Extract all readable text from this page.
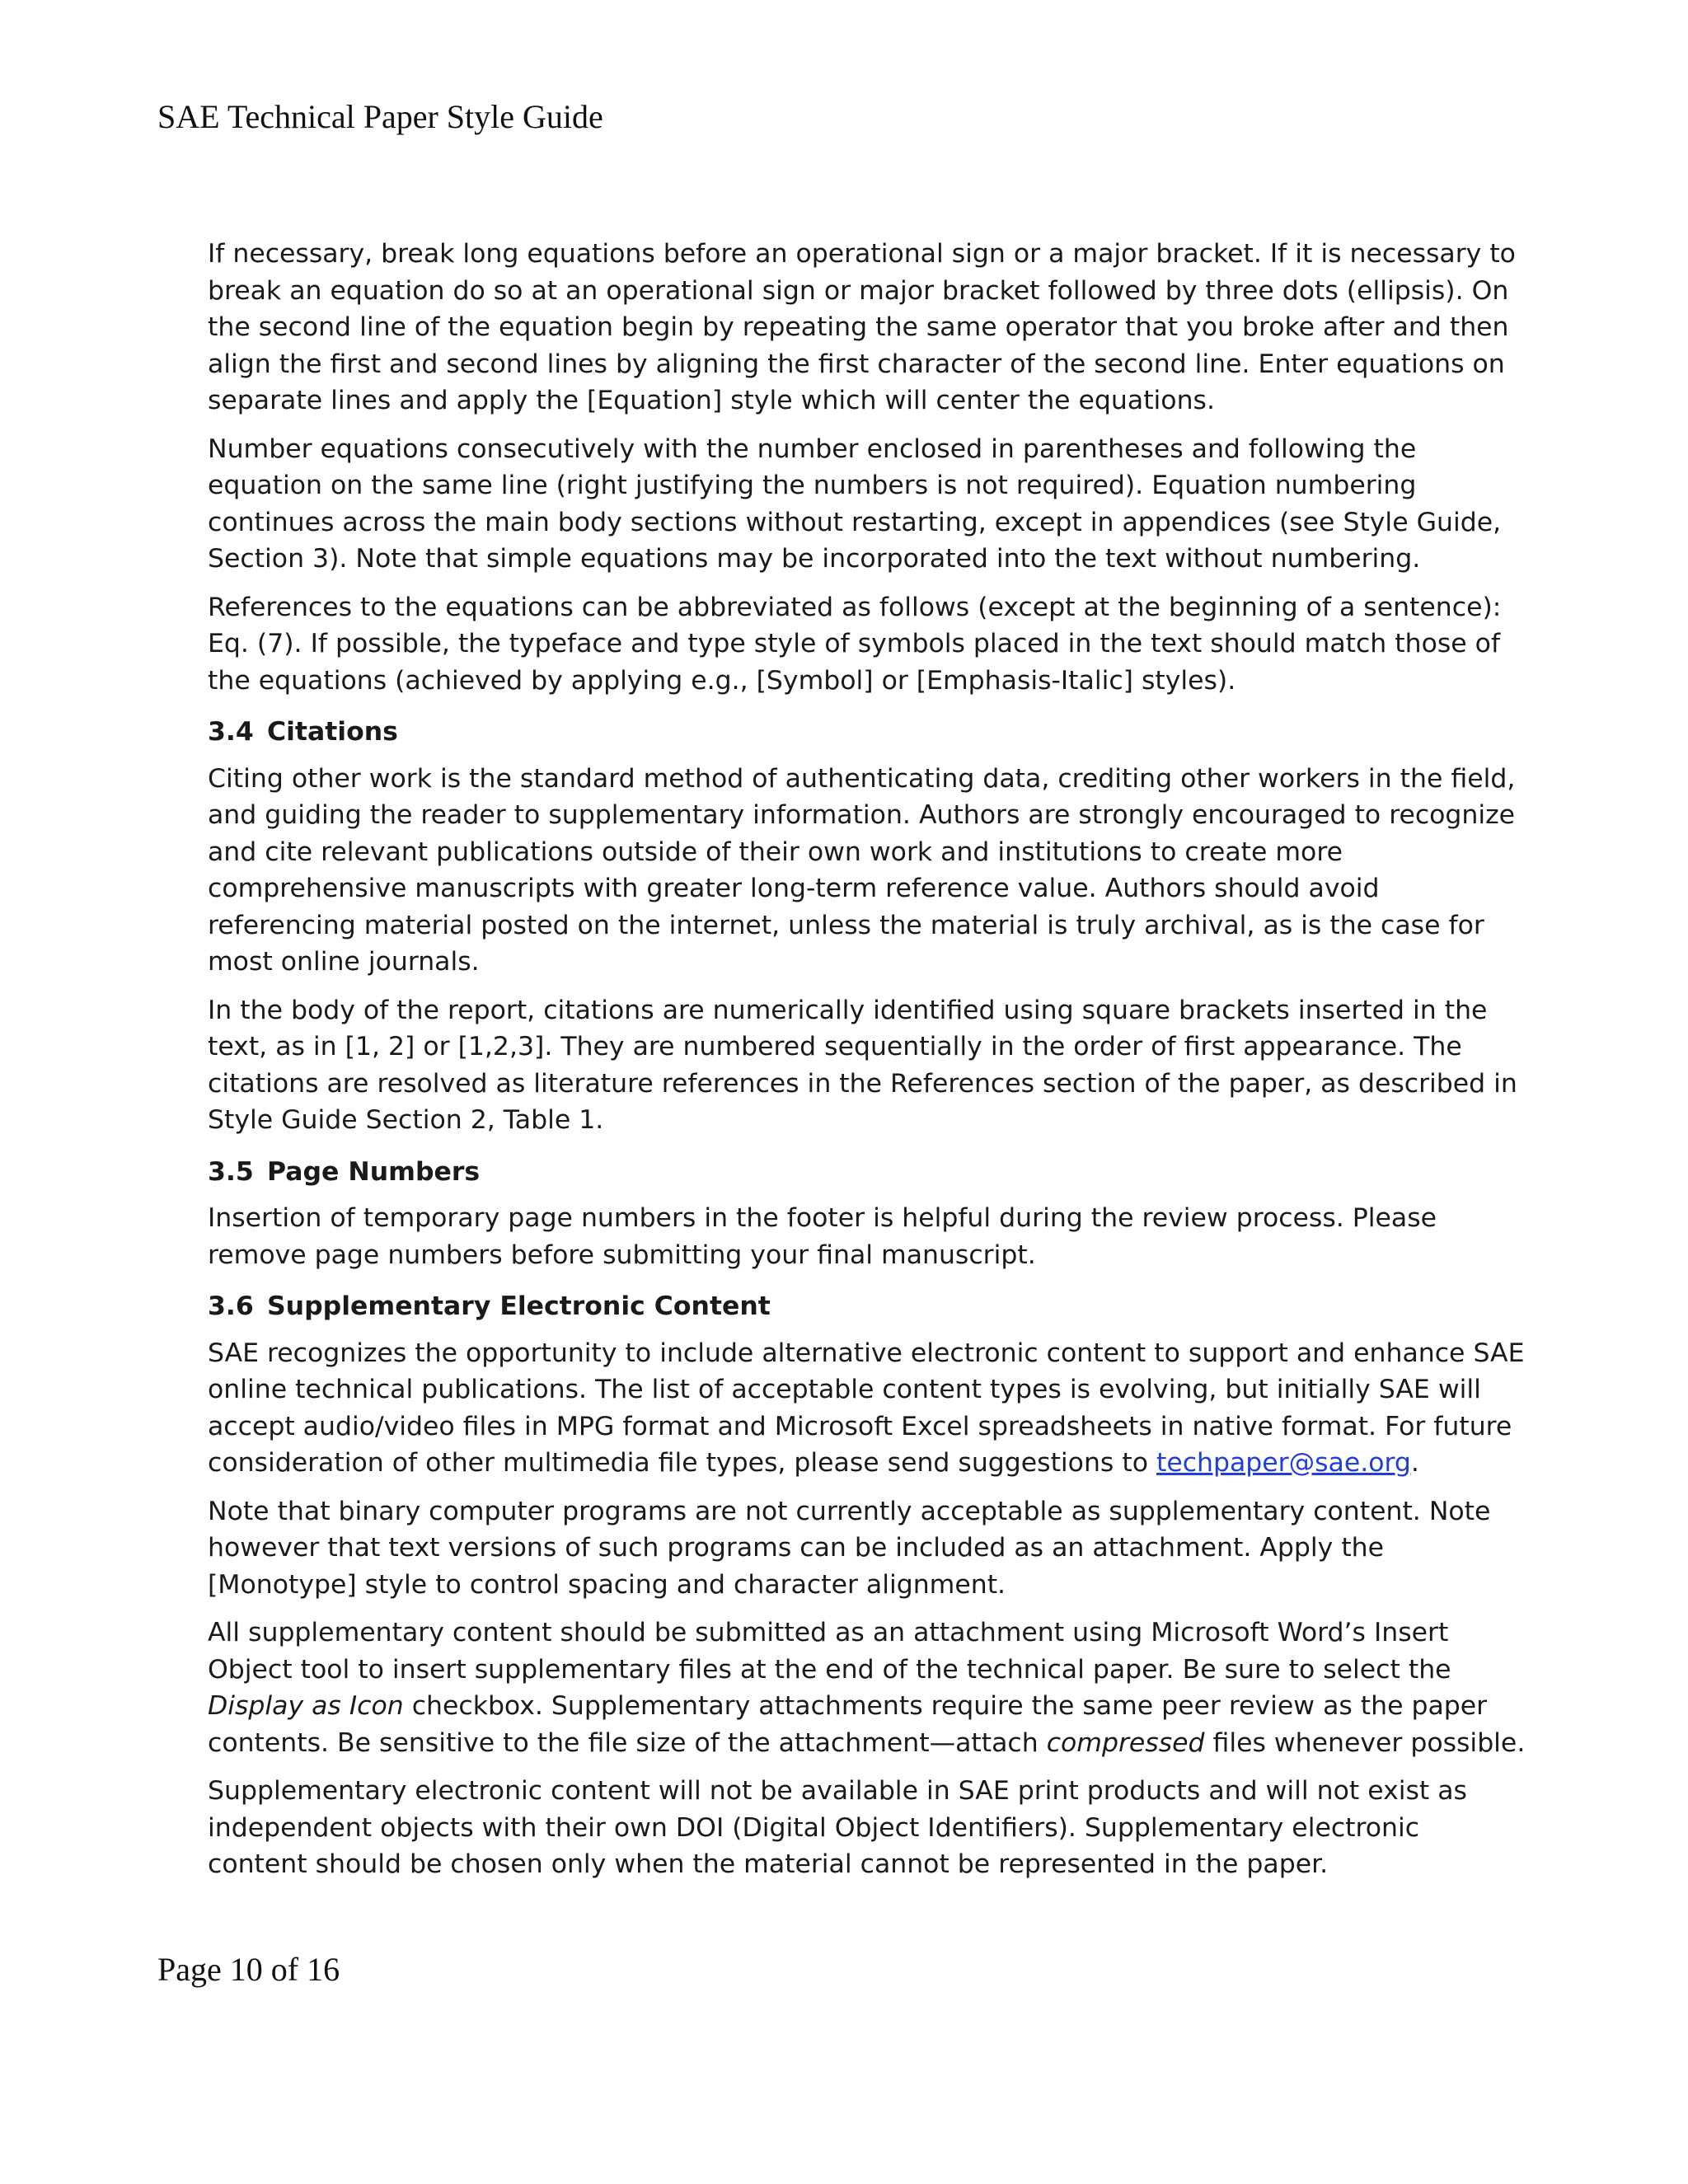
SAE Technical Paper Style Guide

If necessary, break long equations before an operational sign or a major bracket. If it is necessary to break an equation do so at an operational sign or major bracket followed by three dots (ellipsis). On the second line of the equation begin by repeating the same operator that you broke after and then align the first and second lines by aligning the first character of the second line. Enter equations on separate lines and apply the [Equation] style which will center the equations.

Number equations consecutively with the number enclosed in parentheses and following the equation on the same line (right justifying the numbers is not required). Equation numbering continues across the main body sections without restarting, except in appendices (see Style Guide, Section 3). Note that simple equations may be incorporated into the text without numbering.

References to the equations can be abbreviated as follows (except at the beginning of a sentence): Eq. (7). If possible, the typeface and type style of symbols placed in the text should match those of the equations (achieved by applying e.g., [Symbol] or [Emphasis-Italic] styles).

3.4 Citations

Citing other work is the standard method of authenticating data, crediting other workers in the field, and guiding the reader to supplementary information. Authors are strongly encouraged to recognize and cite relevant publications outside of their own work and institutions to create more comprehensive manuscripts with greater long-term reference value. Authors should avoid referencing material posted on the internet, unless the material is truly archival, as is the case for most online journals.

In the body of the report, citations are numerically identified using square brackets inserted in the text, as in [1, 2] or [1,2,3]. They are numbered sequentially in the order of first appearance. The citations are resolved as literature references in the References section of the paper, as described in Style Guide Section 2, Table 1.

3.5 Page Numbers

Insertion of temporary page numbers in the footer is helpful during the review process. Please remove page numbers before submitting your final manuscript.

3.6 Supplementary Electronic Content

SAE recognizes the opportunity to include alternative electronic content to support and enhance SAE online technical publications. The list of acceptable content types is evolving, but initially SAE will accept audio/video files in MPG format and Microsoft Excel spreadsheets in native format. For future consideration of other multimedia file types, please send suggestions to techpaper@sae.org.

Note that binary computer programs are not currently acceptable as supplementary content. Note however that text versions of such programs can be included as an attachment. Apply the [Monotype] style to control spacing and character alignment.

All supplementary content should be submitted as an attachment using Microsoft Word’s Insert Object tool to insert supplementary files at the end of the technical paper. Be sure to select the Display as Icon checkbox. Supplementary attachments require the same peer review as the paper contents. Be sensitive to the file size of the attachment—attach compressed files whenever possible.

Supplementary electronic content will not be available in SAE print products and will not exist as independent objects with their own DOI (Digital Object Identifiers). Supplementary electronic content should be chosen only when the material cannot be represented in the paper.

Page 10 of 16
